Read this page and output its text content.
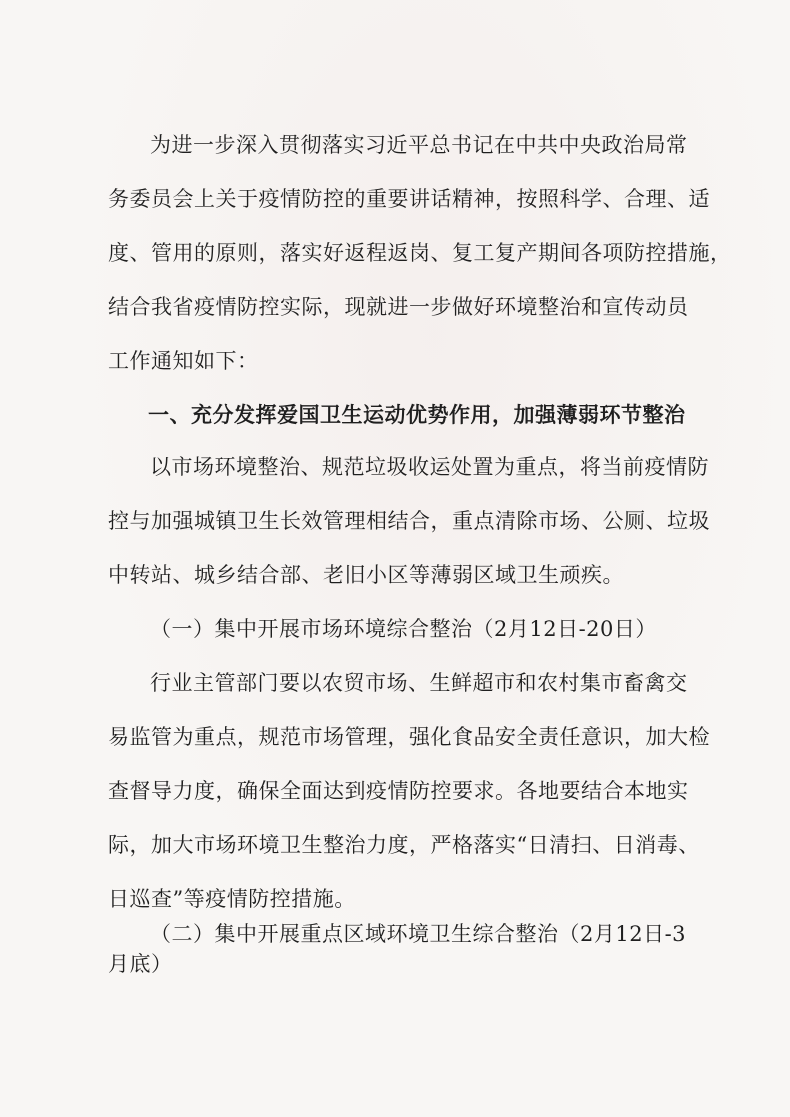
为进一步深入贯彻落实习近平总书记在中共中央政治局常
务委员会上关于疫情防控的重要讲话精神，按照科学、合理、适
度、管用的原则，落实好返程返岗、复工复产期间各项防控措施，
结合我省疫情防控实际，现就进一步做好环境整治和宣传动员
工作通知如下：
一、充分发挥爱国卫生运动优势作用，加强薄弱环节整治
以市场环境整治、规范垃圾收运处置为重点，将当前疫情防
控与加强城镇卫生长效管理相结合，重点清除市场、公厕、垃圾
中转站、城乡结合部、老旧小区等薄弱区域卫生顽疾。
（一）集中开展市场环境综合整治（2月12日-20日）
行业主管部门要以农贸市场、生鲜超市和农村集市畜禽交
易监管为重点，规范市场管理，强化食品安全责任意识，加大检
查督导力度，确保全面达到疫情防控要求。各地要结合本地实
际，加大市场环境卫生整治力度，严格落实“日清扫、日消毒、
日巡查”等疫情防控措施。
（二）集中开展重点区域环境卫生综合整治（2月12日-3
月底）
